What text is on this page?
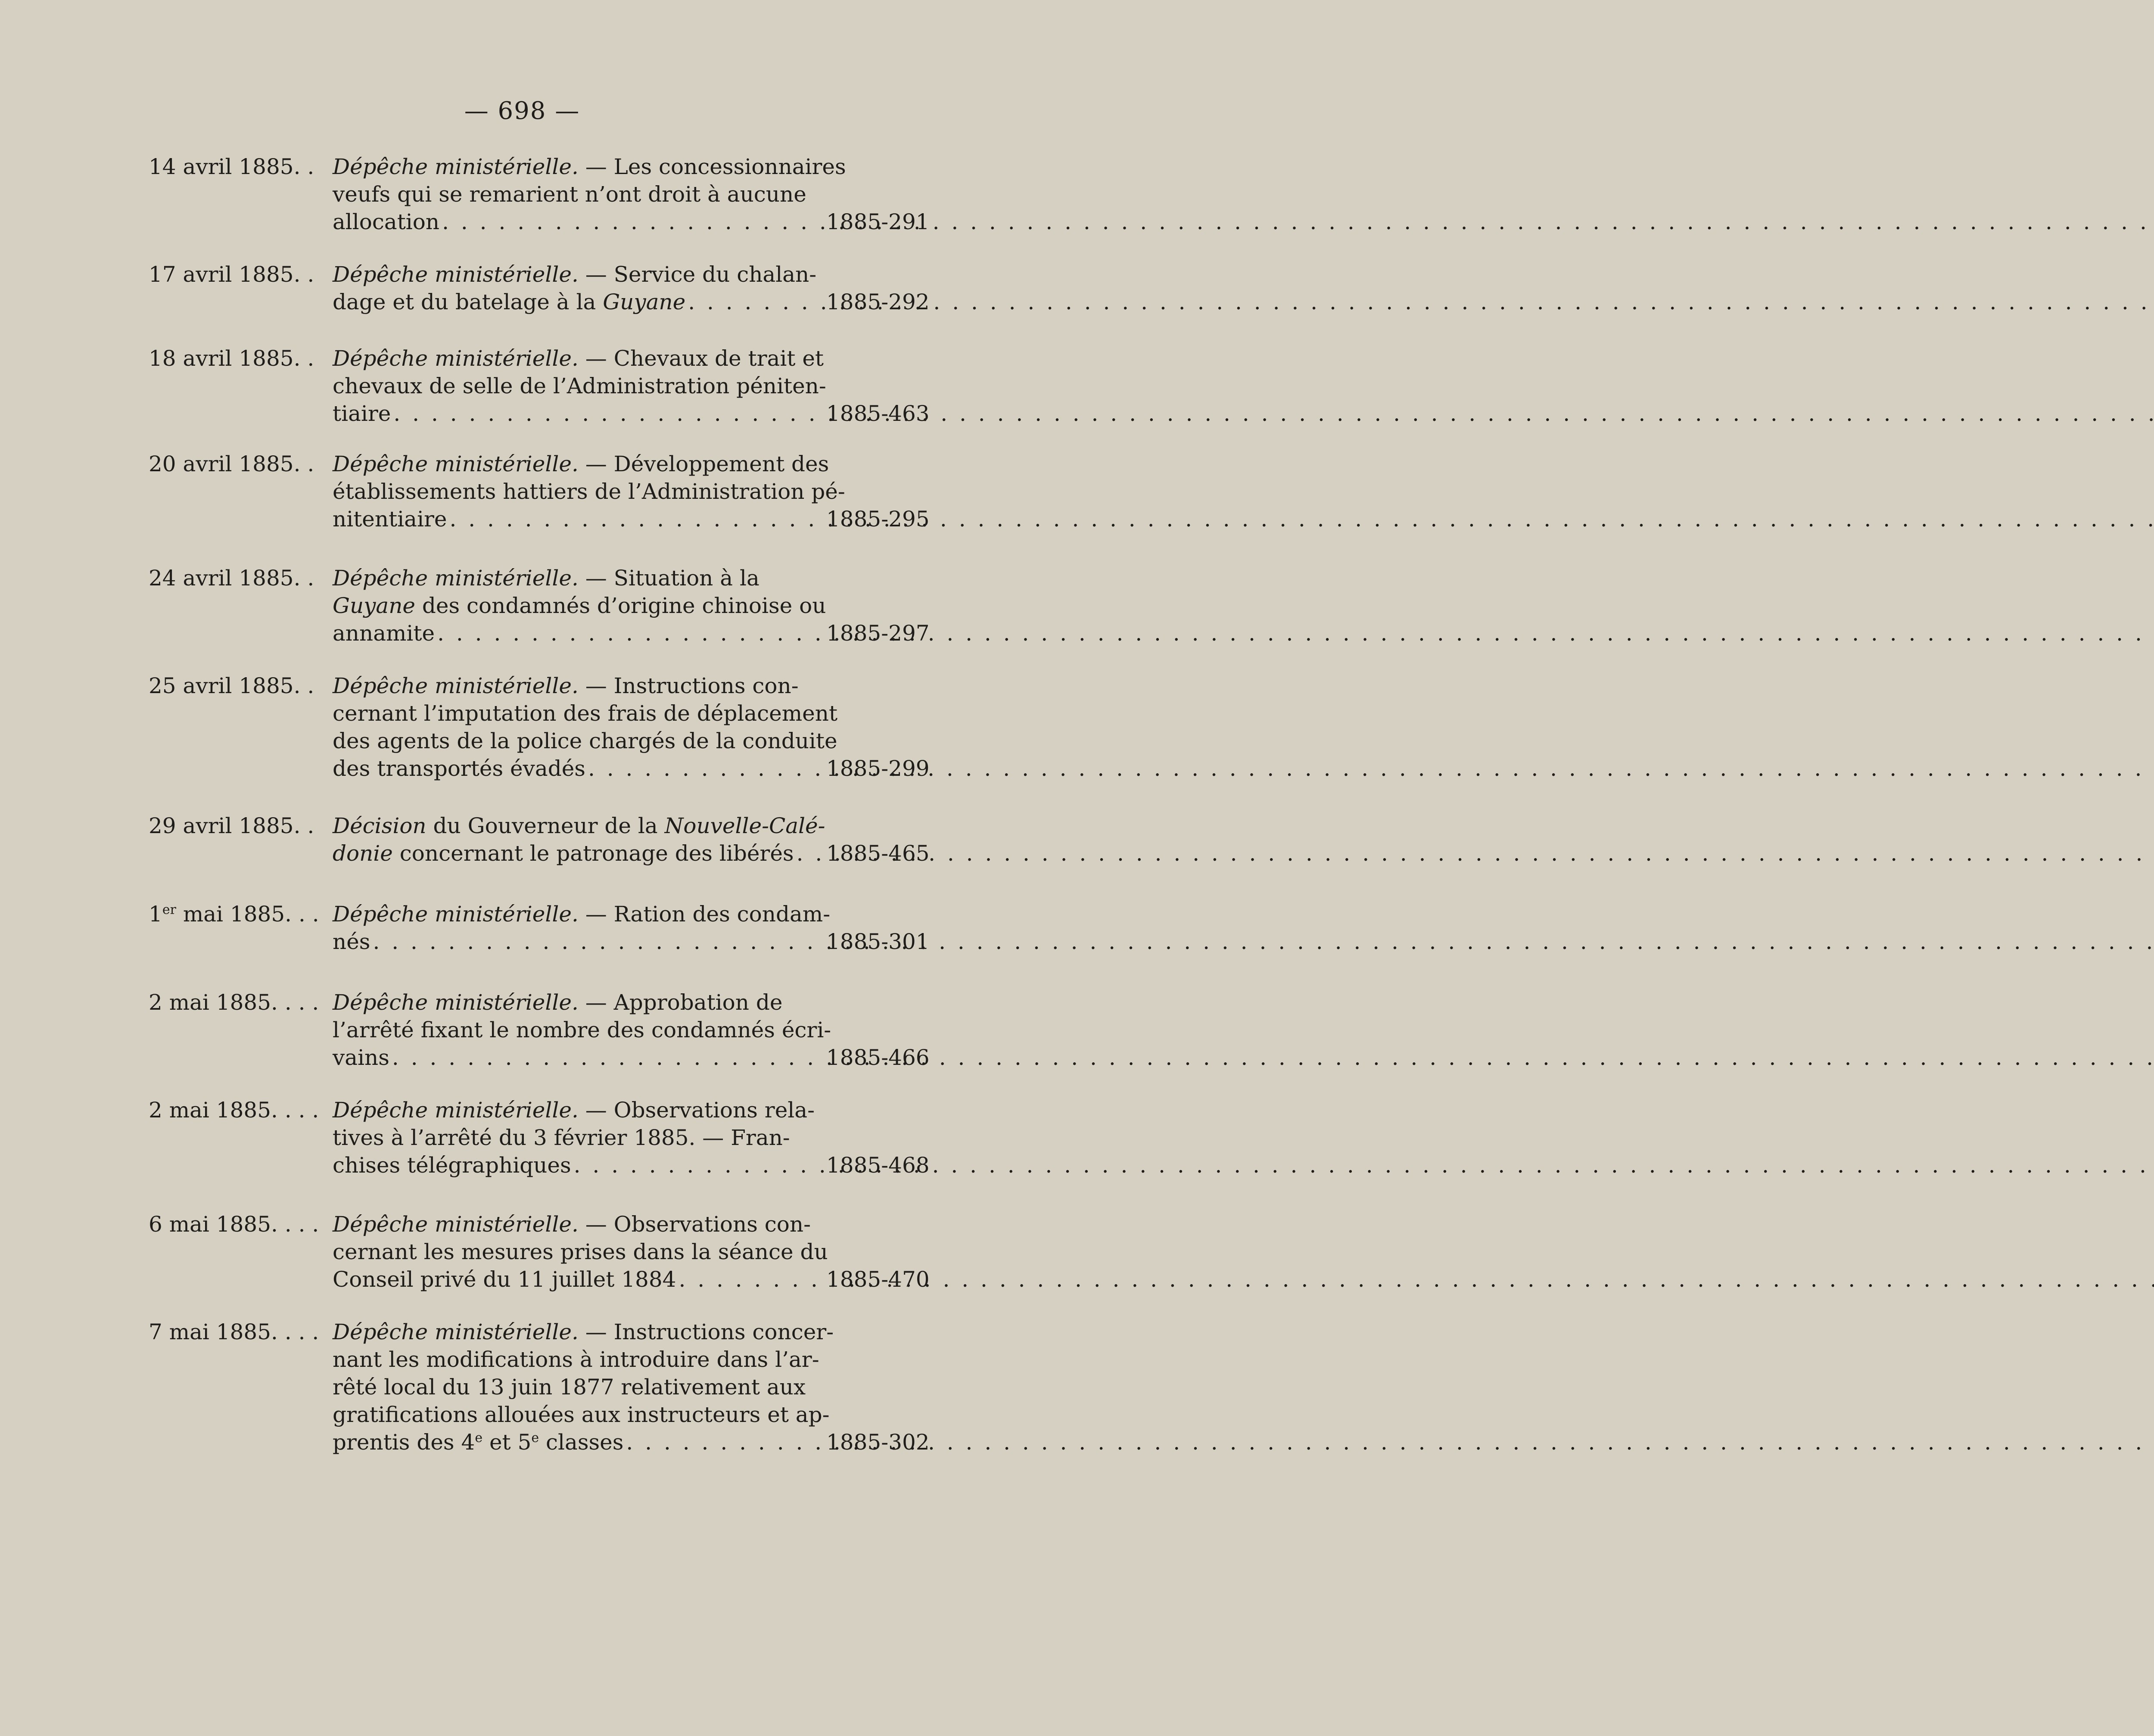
— 698 —
14 avril 1885. . Dépêche ministérielle. — Les concessionnaires
veufs qui se remarient n’ont droit à aucune
allocation . . .	1885-291
17 avril 1885. . Dépêche ministérielle. — Service du chalan-
dage et du batelage à la Guyane . . .	1885-292
18 avril 1885. . Dépêche ministérielle. — Chevaux de trait et
chevaux de selle de l’Administration péniten-
tiaire . . .	1885-463
20 avril 1885. . Dépêche ministérielle. — Développement des
établissements hattiers de l’Administration pé-
nitentiaire . . .	1885-295
24 avril 1885. . Dépêche ministérielle. — Situation à la
Guyane des condamnés d’origine chinoise ou
annamite . . .	1885-297
25 avril 1885. . Dépêche ministérielle. — Instructions con-
cernant l’imputation des frais de déplacement
des agents de la police chargés de la conduite
des transportés évadés . . .	1885-299
29 avril 1885. . Décision du Gouverneur de la Nouvelle-Calé-
donie concernant le patronage des libérés . . . 1885-465
1er mai 1885. . . Dépêche ministérielle. — Ration des condam-
nés . . .	1885-301
2 mai 1885. . . . Dépêche ministérielle. — Approbation de
l’arrêté fixant le nombre des condamnés écri-
vains . . .	1885-466
2 mai 1885. . . . Dépêche ministérielle. — Observations rela-
tives à l’arrêté du 3 février 1885. — Fran-
chises télégraphiques . . .	1885-468
6 mai 1885. . . . Dépêche ministérielle. — Observations con-
cernant les mesures prises dans la séance du
Conseil privé du 11 juillet 1884 . . .	1885-470
7 mai 1885. . . . Dépêche ministérielle. — Instructions concer-
nant les modifications à introduire dans l’ar-
rêté local du 13 juin 1877 relativement aux
gratifications allouées aux instructeurs et ap-
prentis des 4e et 5e classes . . .	1885-302
